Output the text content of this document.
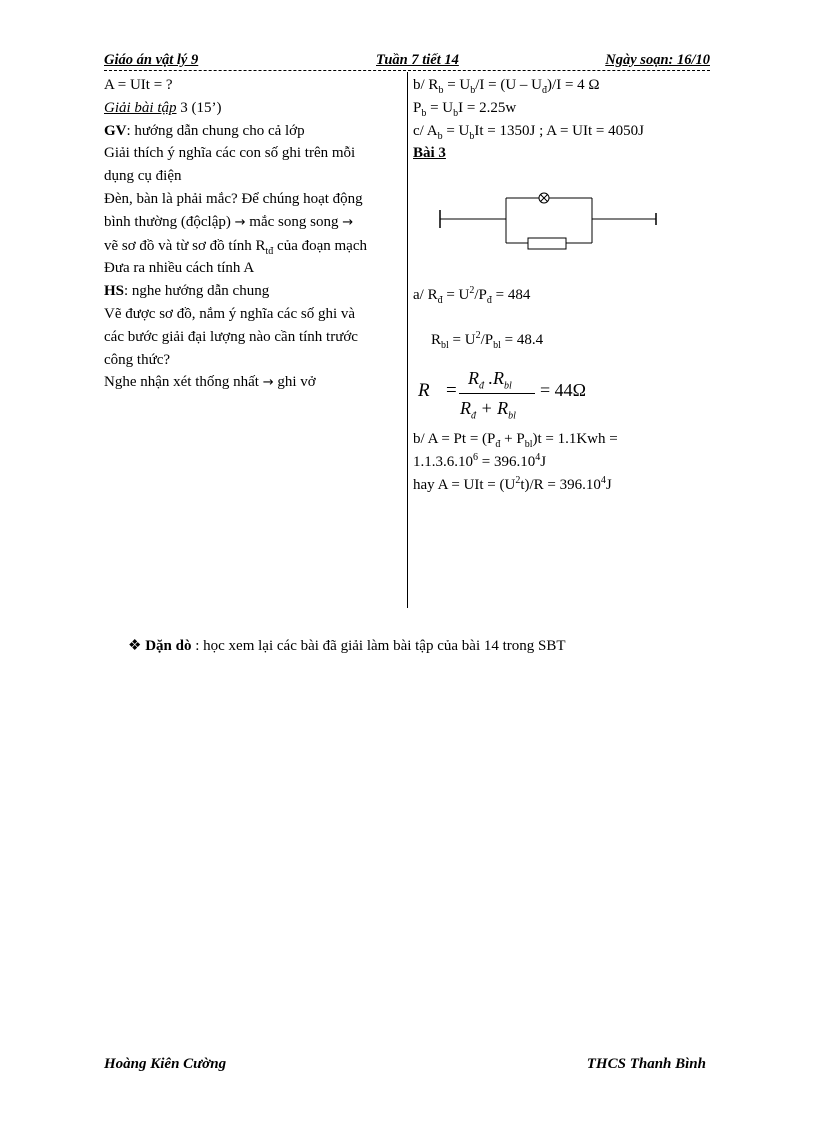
Giáo án vật lý 9	Tuần 7 tiết 14	Ngày soạn: 16/10
A = UIt = ?
Giải bài tập 3 (15’)
GV: hướng dẫn chung cho cả lớp
Giải thích ý nghĩa các con số ghi trên mỗi
dụng cụ điện
Đèn, bàn là phải mắc? Để chúng hoạt động
bình thường (độclập) → mắc song song →
vẽ sơ đồ và từ sơ đồ tính $R_{tđ}$ của đoạn mạch
Đưa ra nhiều cách tính A
HS: nghe hướng dẫn chung
Vẽ được sơ đồ, nắm ý nghĩa các số ghi và
các bước giải đại lượng nào cần tính trước
công thức?
Nghe nhận xét thống nhất → ghi vở
b/ $R_b = U_b/I = (U - U_đ)/I = 4$ Ω
$P_b = U_bI = 2.25w$
c/ $A_b = U_bIt = 1350J$ ; A = UIt = 4050J
Bài 3
a/ $R_đ = U^2/P_đ = 484$
$R_{bl} = U^2/P_{bl} = 48.4$
R =
$R_đ$ $.R_{bl}$
$R_đ + R_{bl}$
= 44Ω
b/ $A = Pt = (P_đ + P_{bl})t = 1.1Kwh$ =
$1.1.3.6.10^6 = 396.10^4J$
hay A = UIt = $(U^2t)/R = 396.10^4J$
❖ Dặn dò : học xem lại các bài đã giải làm bài tập của bài 14 trong SBT
Hoàng Kiên Cường	THCS Thanh Bình
